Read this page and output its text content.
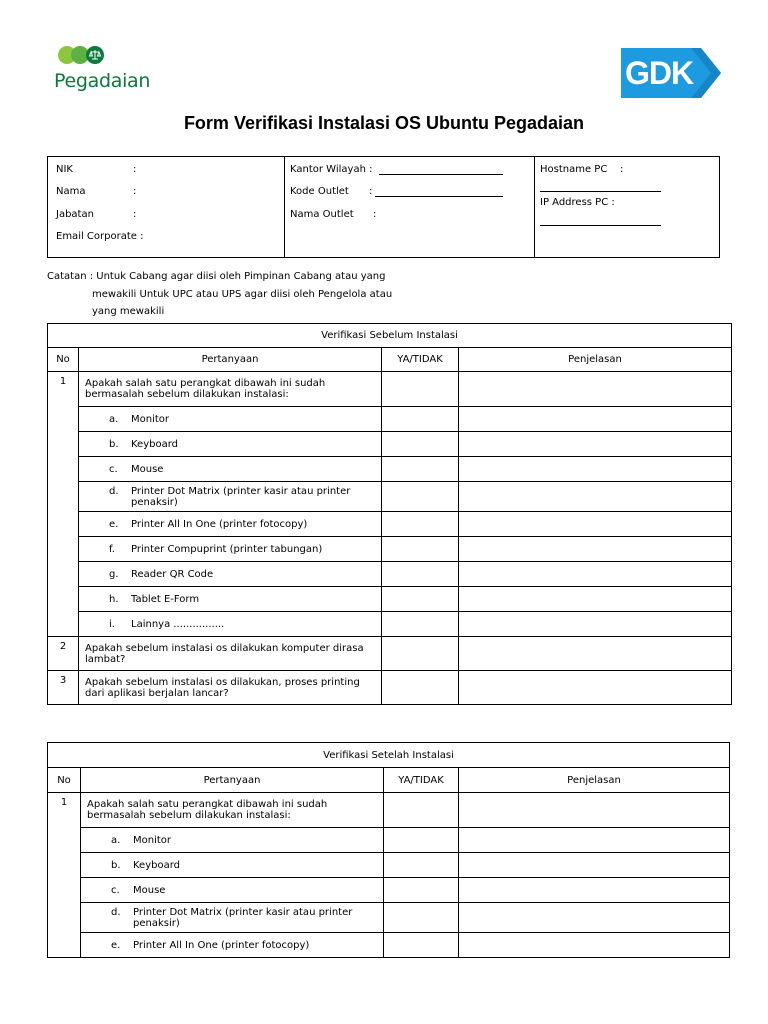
Pegadaian	GDK
Form Verifikasi Instalasi OS Ubuntu Pegadaian
NIK	:
Nama	:
Jabatan	:
Email Corporate :
Kantor Wilayah :
Kode Outlet :
Nama Outlet :
Hostname PC :
IP Address PC :
Catatan : Untuk Cabang agar diisi oleh Pimpinan Cabang atau yang
mewakili Untuk UPC atau UPS agar diisi oleh Pengelola atau
yang mewakili
Verifikasi Sebelum Instalasi			
No	Pertanyaan	YA/TIDAK	Penjelasan
1	Apakah salah satu perangkat dibawah ini sudah bermasalah sebelum dilakukan instalasi:		

	a. Monitor		

	b. Keyboard		

	c. Mouse		

	d. Printer Dot Matrix (printer kasir atau printer penaksir)		

	e. Printer All In One (printer fotocopy)		

	f. Printer Compuprint (printer tabungan)		

	g. Reader QR Code		

	h. Tablet E-Form		

	i. Lainnya ................		

2	Apakah sebelum instalasi os dilakukan komputer dirasa lambat?		
3	Apakah sebelum instalasi os dilakukan, proses printing dari aplikasi berjalan lancar?		
Verifikasi Setelah Instalasi			
No	Pertanyaan	YA/TIDAK	Penjelasan
1	Apakah salah satu perangkat dibawah ini sudah bermasalah sebelum dilakukan instalasi:		

	a. Monitor		

	b. Keyboard		

	c. Mouse		

	d. Printer Dot Matrix (printer kasir atau printer penaksir)		

	e. Printer All In One (printer fotocopy)		
